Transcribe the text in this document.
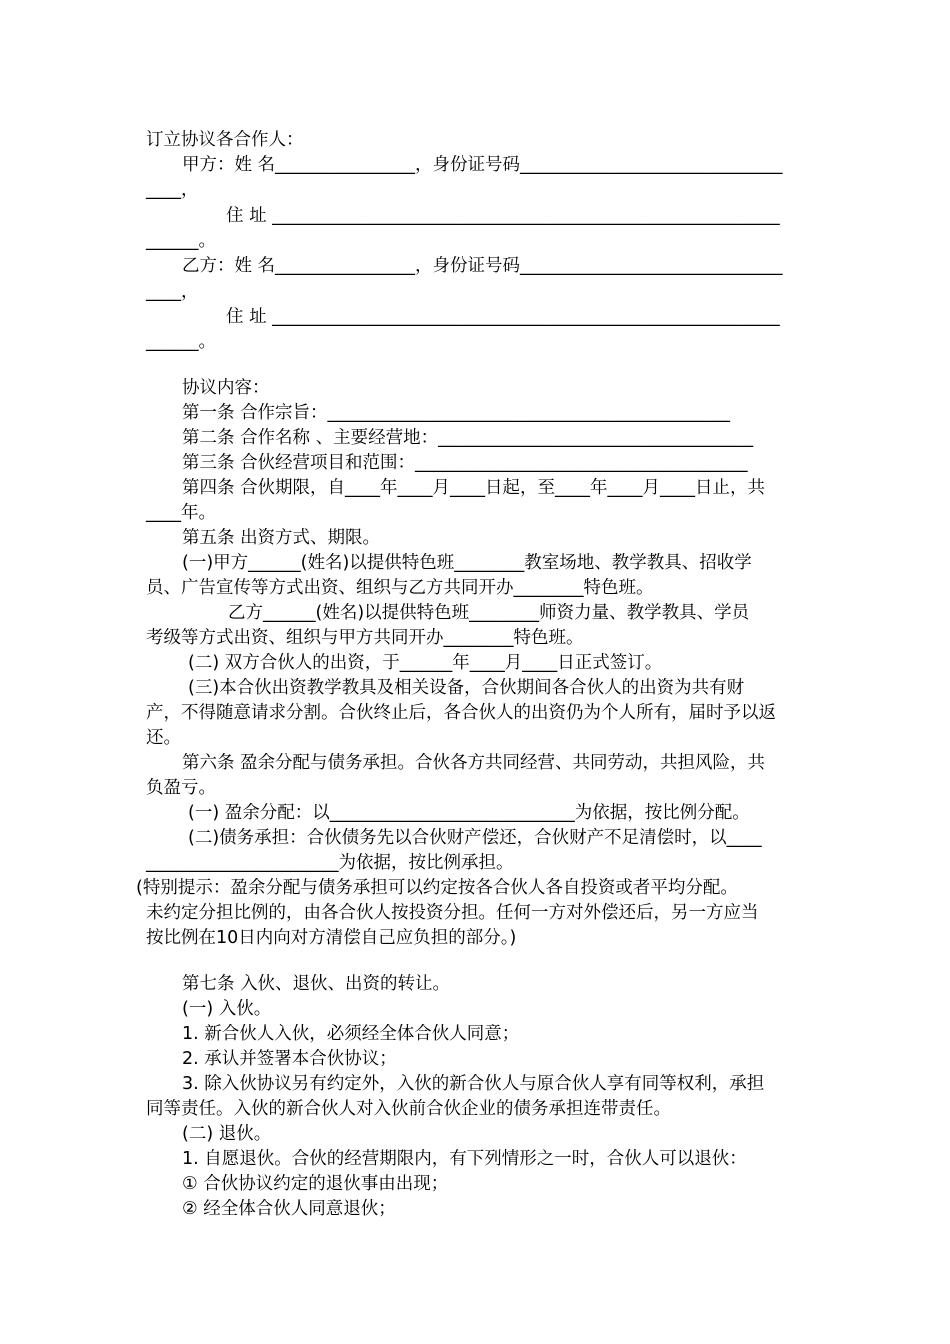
订立协议各合作人：

甲方：姓 名________________，身份证号码______________________________

____，

住 址 __________________________________________________________

______。

乙方：姓 名________________，身份证号码______________________________

____，

住 址 __________________________________________________________

______。

协议内容：

第一条 合作宗旨：______________________________________________

第二条 合作名称 、主要经营地：____________________________________

第三条 合伙经营项目和范围：______________________________________

第四条 合伙期限，自____年____月____日起，至____年____月____日止，共

____年。

第五条 出资方式、期限。

(一)甲方______(姓名)以提供特色班________教室场地、教学教具、招收学

员、广告宣传等方式出资、组织与乙方共同开办________特色班。

乙方______(姓名)以提供特色班________师资力量、教学教具、学员

考级等方式出资、组织与甲方共同开办________特色班。

(二) 双方合伙人的出资，于______年____月____日正式签订。

(三)本合伙出资教学教具及相关设备，合伙期间各合伙人的出资为共有财

产，不得随意请求分割。合伙终止后，各合伙人的出资仍为个人所有，届时予以返

还。

第六条 盈余分配与债务承担。合伙各方共同经营、共同劳动，共担风险，共

负盈亏。

(一) 盈余分配：以____________________________为依据，按比例分配。

(二)债务承担：合伙债务先以合伙财产偿还，合伙财产不足清偿时，以____

______________________为依据，按比例承担。

(特别提示：盈余分配与债务承担可以约定按各合伙人各自投资或者平均分配。

未约定分担比例的，由各合伙人按投资分担。任何一方对外偿还后，另一方应当

按比例在10日内向对方清偿自己应负担的部分。)

第七条 入伙、退伙、出资的转让。

(一) 入伙。

1. 新合伙人入伙，必须经全体合伙人同意；

2. 承认并签署本合伙协议；

3. 除入伙协议另有约定外，入伙的新合伙人与原合伙人享有同等权利，承担

同等责任。入伙的新合伙人对入伙前合伙企业的债务承担连带责任。

(二) 退伙。

1. 自愿退伙。合伙的经营期限内，有下列情形之一时，合伙人可以退伙：

① 合伙协议约定的退伙事由出现；

② 经全体合伙人同意退伙；
